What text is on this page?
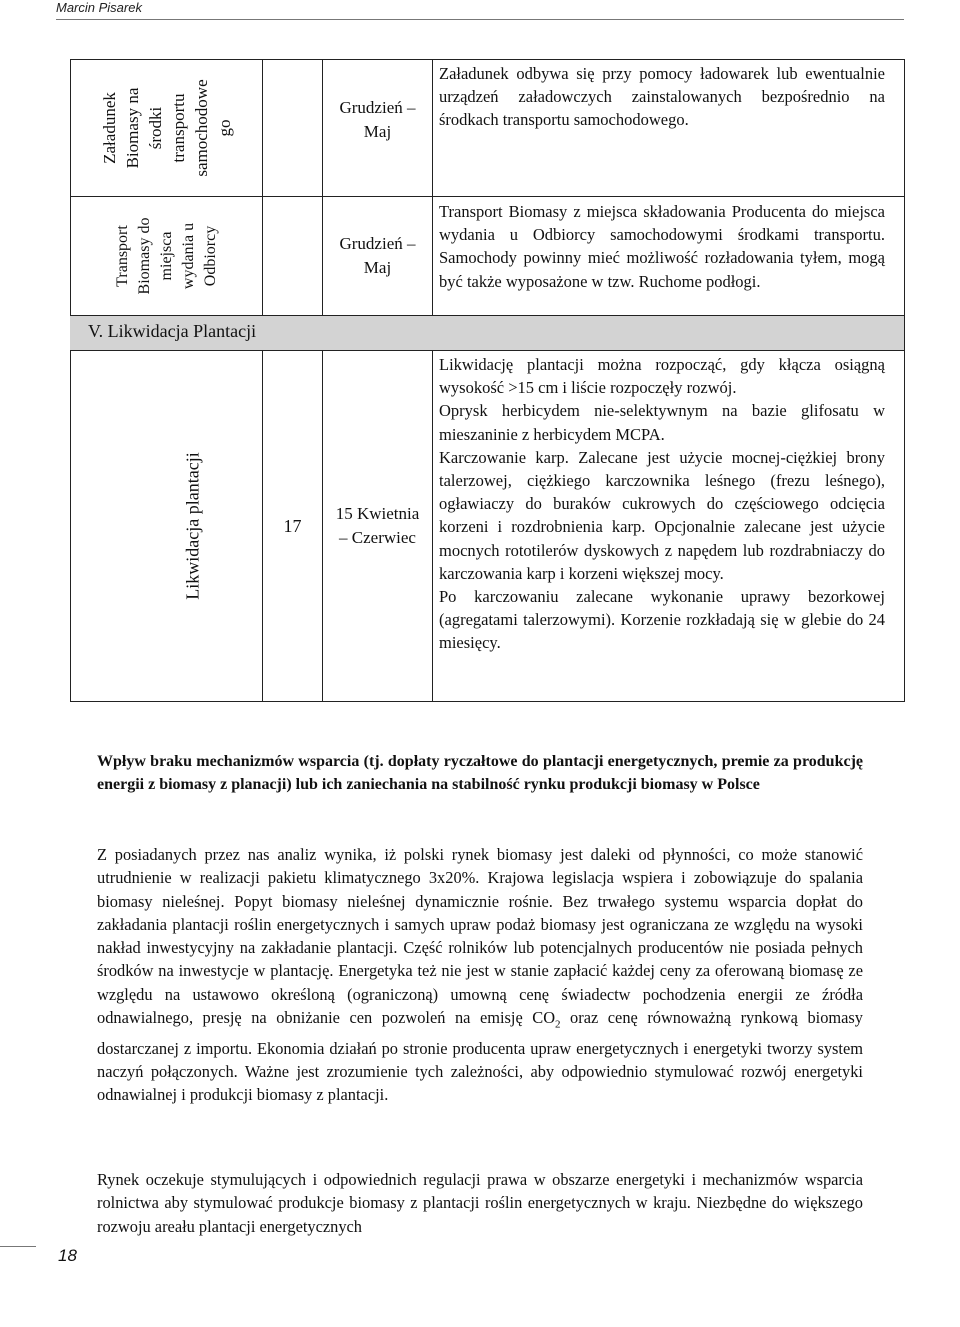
Marcin Pisarek
Załadunek Biomasy na środki transportu samochodowe go
Grudzień –
Maj
Załadunek odbywa się przy pomocy ładowarek lub ewentualnie urządzeń załadowczych zainstalowanych bezpośrednio na środkach transportu samochodowego.
Transport Biomasy do miejsca wydania u Odbiorcy	Grudzień –
Maj
Transport Biomasy z miejsca składowania Producenta do miejsca wydania u Odbiorcy samochodowymi środkami transportu. Samochody powinny mieć możliwość rozładowania tyłem, mogą być także wyposażone w tzw. Ruchome podłogi.
V. Likwidacja Plantacji
Likwidacja plantacji	17
15 Kwietnia
– Czerwiec

Likwidację plantacji można rozpocząć, gdy kłącza osiągną wysokość >15 cm i liście rozpoczęły rozwój.

Oprysk herbicydem nie-selektywnym na bazie glifosatu w mieszaninie z herbicydem MCPA.

Karczowanie karp. Zalecane jest użycie mocnej-ciężkiej brony talerzowej, ciężkiego karczownika leśnego (frezu leśnego), ogławiaczy do buraków cukrowych do częściowego odcięcia korzeni i rozdrobnienia karp. Opcjonalnie zalecane jest użycie mocnych rototilerów dyskowych z napędem lub rozdrabniaczy do karczowania karp i korzeni większej mocy.

Po karczowaniu zalecane wykonanie uprawy bezorkowej (agregatami talerzowymi). Korzenie rozkładają się w glebie do 24 miesięcy.

Wpływ braku mechanizmów wsparcia (tj. dopłaty ryczałtowe do plantacji energetycznych, premie za produkcję energii z biomasy z planacji) lub ich zaniechania na stabilność rynku produkcji biomasy w Polsce

Z posiadanych przez nas analiz wynika, iż polski rynek biomasy jest daleki od płynności, co może stanowić utrudnienie w realizacji pakietu klimatycznego 3x20%. Krajowa legislacja wspiera i zobowiązuje do spalania biomasy nieleśnej. Popyt biomasy nieleśnej dynamicznie rośnie. Bez trwałego systemu wsparcia dopłat do zakładania plantacji roślin energetycznych i samych upraw podaż biomasy jest ograniczana ze względu na wysoki nakład inwestycyjny na zakładanie plantacji. Część rolników lub potencjalnych producentów nie posiada pełnych środków na inwestycje w plantację. Energetyka też nie jest w stanie zapłacić każdej ceny za oferowaną biomasę ze względu na ustawowo określoną (ograniczoną) umowną cenę świadectw pochodzenia energii ze źródła odnawialnego, presję na obniżanie cen pozwoleń na emisję $CO_2$ oraz cenę równoważną rynkową biomasy dostarczanej z importu. Ekonomia działań po stronie producenta upraw energetycznych i energetyki tworzy system naczyń połączonych. Ważne jest zrozumienie tych zależności, aby odpowiednio stymulować rozwój energetyki odnawialnej i produkcji biomasy z plantacji.

Rynek oczekuje stymulujących i odpowiednich regulacji prawa w obszarze energetyki i mechanizmów wsparcia rolnictwa aby stymulować produkcje biomasy z plantacji roślin energetycznych w kraju. Niezbędne do większego rozwoju areału plantacji energetycznych

18
